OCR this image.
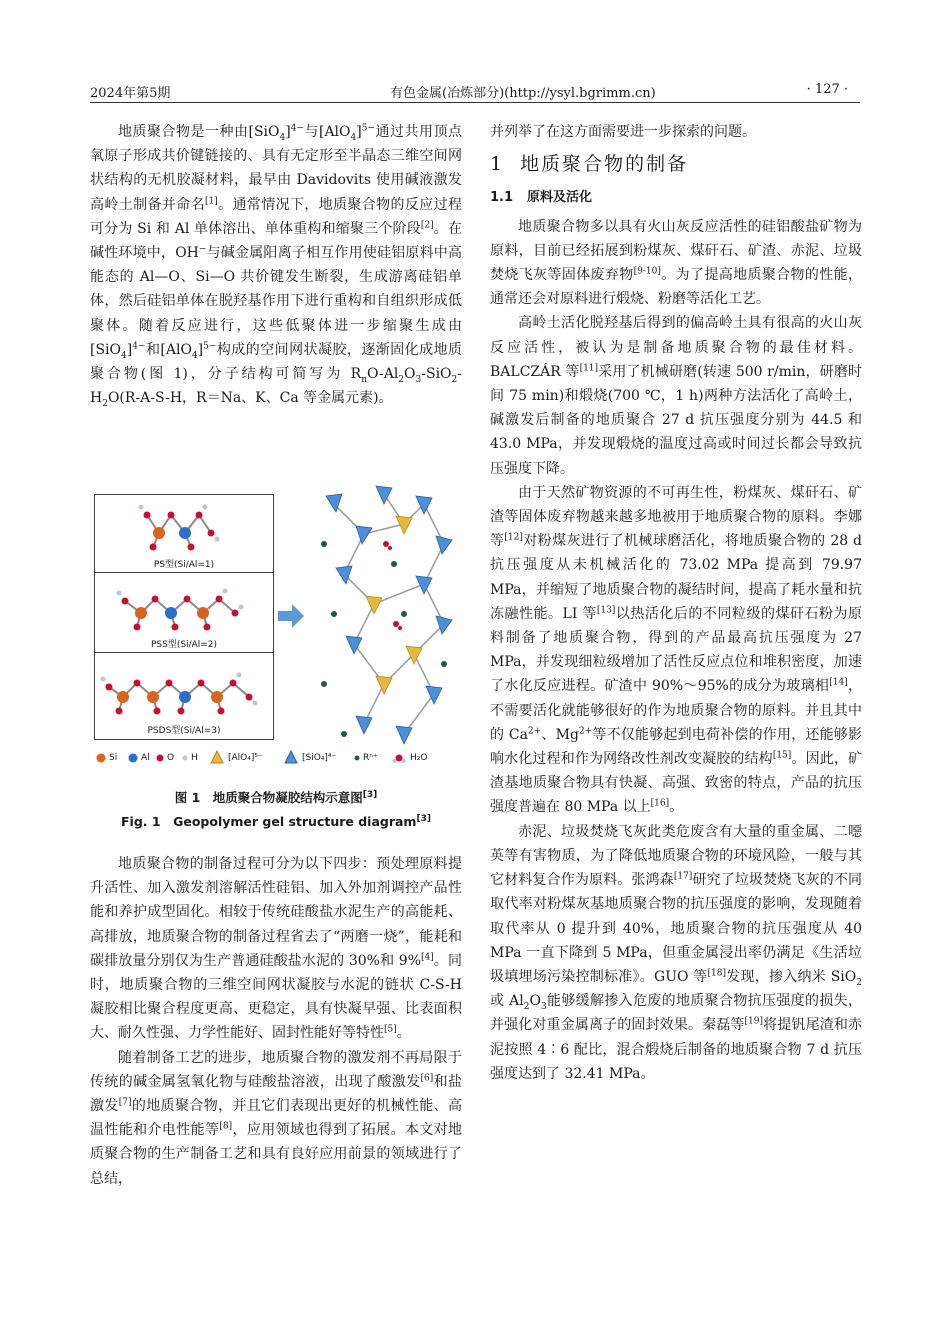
2024年第5期	有色金属(冶炼部分)(http://ysyl.bgrimm.cn)	· 127 ·

地质聚合物是一种由$[SiO_4]^{4-}$与$[AlO_4]^{5-}$通过共用顶点氧原子形成共价键链接的、具有无定形至半晶态三维空间网状结构的无机胶凝材料，最早由 Davidovits 使用碱液激发高岭土制备并命名[1]。通常情况下，地质聚合物的反应过程可分为 Si 和 Al 单体溶出、单体重构和缩聚三个阶段[2]。在碱性环境中，OH−与碱金属阳离子相互作用使硅铝原料中高能态的 Al—O、Si—O 共价键发生断裂，生成游离硅铝单体，然后硅铝单体在脱羟基作用下进行重构和自组织形成低聚体。随着反应进行，这些低聚体进一步缩聚生成由$[SiO_4]^{4-}$和$[AlO_4]^{5-}$构成的空间网状凝胶，逐渐固化成地质聚合物(图 1)，分子结构可简写为 $R_nO-Al_2O_3-SiO_2-H_2O(R-A-S-H$，R＝Na、K、Ca 等金属元素)。

PS型(Si/Al=1)
PSS型(Si/Al=2)
PSDS型(Si/Al=3)
Si	Al O H	[AlO₄]⁵⁻	[SiO₄]⁴⁻	Rⁿ⁺	H₂O
图 1　地质聚合物凝胶结构示意图[3]
Fig. 1　Geopolymer gel structure diagram[3]

地质聚合物的制备过程可分为以下四步：预处理原料提升活性、加入激发剂溶解活性硅铝、加入外加剂调控产品性能和养护成型固化。相较于传统硅酸盐水泥生产的高能耗、高排放，地质聚合物的制备过程省去了“两磨一烧”，能耗和碳排放量分别仅为生产普通硅酸盐水泥的 30%和 9%[4]。同时，地质聚合物的三维空间网状凝胶与水泥的链状 C-S-H 凝胶相比聚合程度更高、更稳定，具有快凝早强、比表面积大、耐久性强、力学性能好、固封性能好等特性[5]。

随着制备工艺的进步，地质聚合物的激发剂不再局限于传统的碱金属氢氧化物与硅酸盐溶液，出现了酸激发[6]和盐激发[7]的地质聚合物，并且它们表现出更好的机械性能、高温性能和介电性能等[8]，应用领域也得到了拓展。本文对地质聚合物的生产制备工艺和具有良好应用前景的领域进行了总结，

并列举了在这方面需要进一步探索的问题。

1 地质聚合物的制备
1.1 原料及活化

地质聚合物多以具有火山灰反应活性的硅铝酸盐矿物为原料，目前已经拓展到粉煤灰、煤矸石、矿渣、赤泥、垃圾焚烧飞灰等固体废弃物[9-10]。为了提高地质聚合物的性能，通常还会对原料进行煅烧、粉磨等活化工艺。

高岭土活化脱羟基后得到的偏高岭土具有很高的火山灰反应活性，被认为是制备地质聚合物的最佳材料。BALCZÁR 等[11]采用了机械研磨(转速 500 r/min，研磨时间 75 min)和煅烧(700 ℃，1 h)两种方法活化了高岭土，碱激发后制备的地质聚合 27 d 抗压强度分别为 44.5 和 43.0 MPa，并发现煅烧的温度过高或时间过长都会导致抗压强度下降。

由于天然矿物资源的不可再生性，粉煤灰、煤矸石、矿渣等固体废弃物越来越多地被用于地质聚合物的原料。李娜等[12]对粉煤灰进行了机械球磨活化，将地质聚合物的 28 d 抗压强度从未机械活化的 73.02 MPa 提高到 79.97 MPa，并缩短了地质聚合物的凝结时间，提高了耗水量和抗冻融性能。LI 等[13]以热活化后的不同粒级的煤矸石粉为原料制备了地质聚合物，得到的产品最高抗压强度为 27 MPa，并发现细粒级增加了活性反应点位和堆积密度，加速了水化反应进程。矿渣中 90%～95%的成分为玻璃相[14]，不需要活化就能够很好的作为地质聚合物的原料。并且其中的 $Ca^{2+}$、$Mg^{2+}$等不仅能够起到电荷补偿的作用，还能够影响水化过程和作为网络改性剂改变凝胶的结构[15]。因此，矿渣基地质聚合物具有快凝、高强、致密的特点，产品的抗压强度普遍在 80 MPa 以上[16]。

赤泥、垃圾焚烧飞灰此类危废含有大量的重金属、二噁英等有害物质，为了降低地质聚合物的环境风险，一般与其它材料复合作为原料。张鸿森[17]研究了垃圾焚烧飞灰的不同取代率对粉煤灰基地质聚合物的抗压强度的影响，发现随着取代率从 0 提升到 40%，地质聚合物的抗压强度从 40 MPa 一直下降到 5 MPa，但重金属浸出率仍满足《生活垃圾填埋场污染控制标准》。GUO 等[18]发现，掺入纳米 SiO$_2$或 $Al_2O_3$能够缓解掺入危废的地质聚合物抗压强度的损失，并强化对重金属离子的固封效果。秦磊等[19]将提钒尾渣和赤泥按照 4∶6 配比，混合煅烧后制备的地质聚合物 7 d 抗压强度达到了 32.41 MPa。
